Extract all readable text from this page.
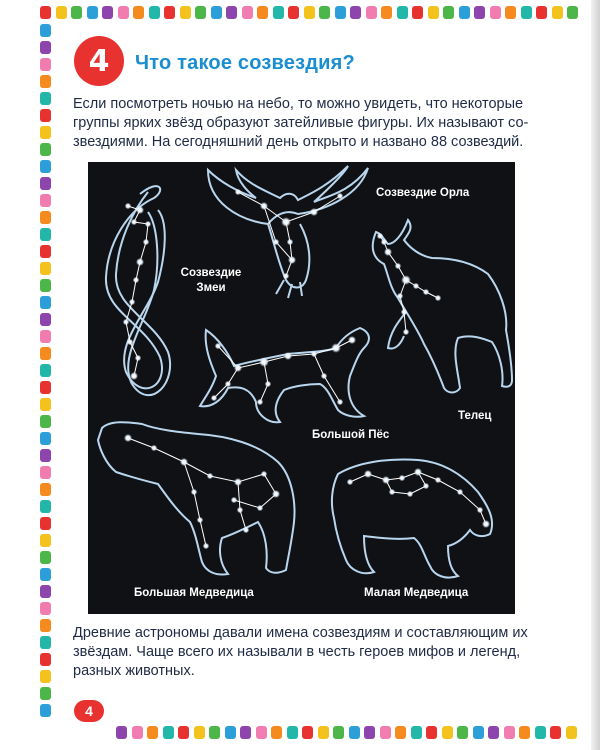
4	Что такое созвездия?
Если посмотреть ночью на небо, то можно увидеть, что некоторые
группы ярких звёзд образуют затейливые фигуры. Их называют со-
звездиями. На сегодняшний день открыто и названо 88 созвездий.
Созвездие Орла
Созвездие
Змеи
Телец
Большой Пёс
Большая Медведица	Малая Медведица
Древние астрономы давали имена созвездиям и составляющим их
звёздам. Чаще всего их называли в честь героев мифов и легенд,
разных животных.
4
